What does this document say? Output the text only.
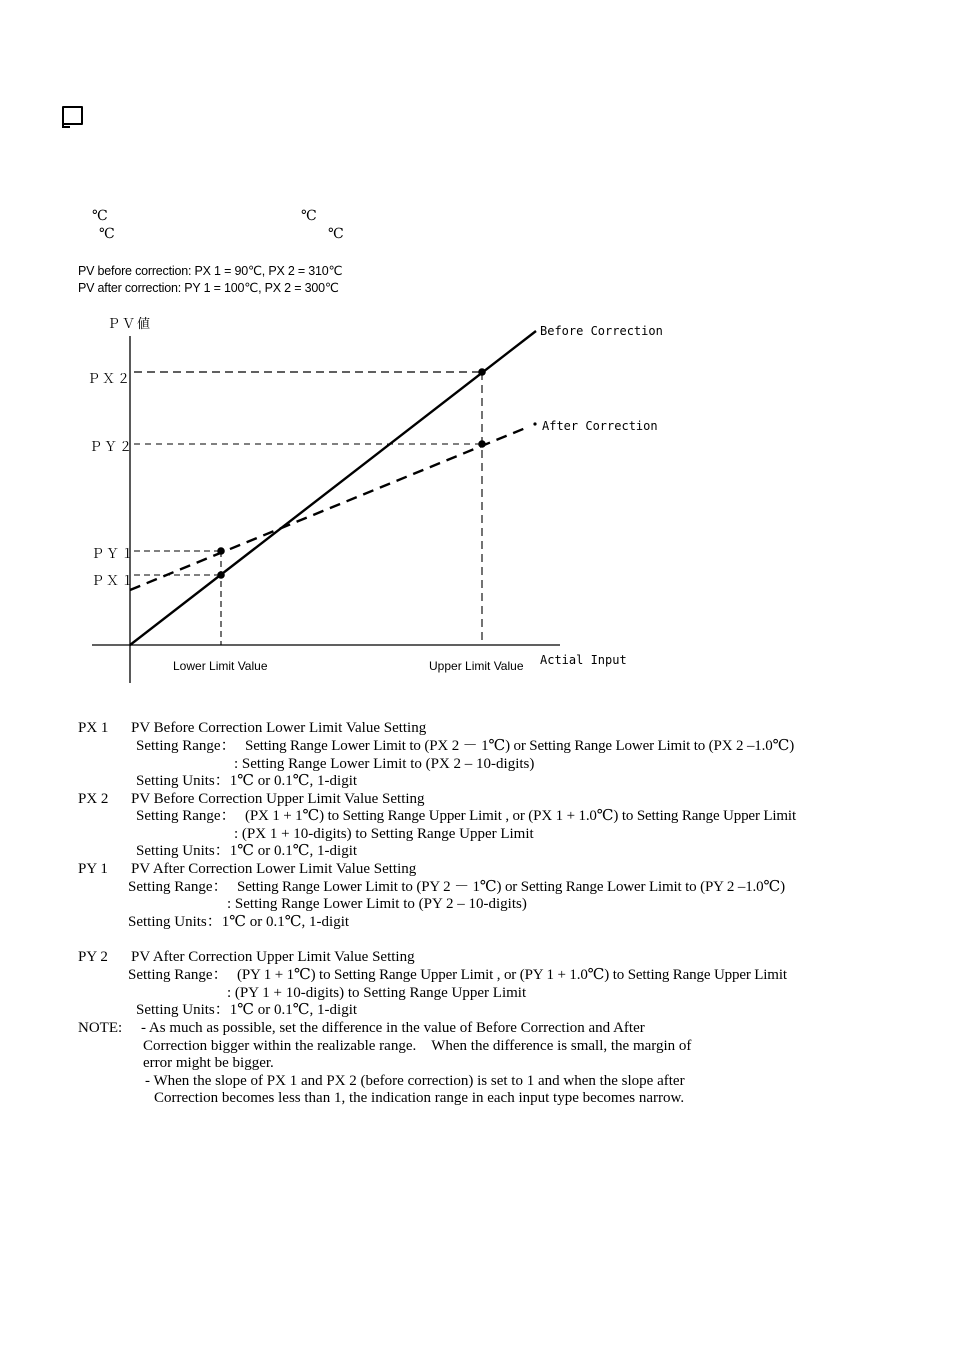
℃
℃
℃
℃
PV before correction: PX 1 = 90℃, PX 2 = 310℃
PV after correction: PY 1 = 100℃, PX 2 = 300℃
ＰＶ値
ＰＸ２
ＰＹ２
ＰＹ１
ＰＸ１
Before Correction
After Correction
Actial Input
Lower Limit Value	Upper Limit Value
PX 1 PV Before Correction Lower Limit Value Setting
Setting Range： Setting Range Lower Limit to (PX 2 － 1℃) or Setting Range Lower Limit to (PX 2 –1.0℃)
: Setting Range Lower Limit to (PX 2 – 10-digits)
Setting Units：1℃ or 0.1℃, 1-digit
PX 2 PV Before Correction Upper Limit Value Setting
Setting Range： (PX 1 + 1℃) to Setting Range Upper Limit , or (PX 1 + 1.0℃) to Setting Range Upper Limit
: (PX 1 + 10-digits) to Setting Range Upper Limit
Setting Units：1℃ or 0.1℃, 1-digit
PY 1 PV After Correction Lower Limit Value Setting
Setting Range： Setting Range Lower Limit to (PY 2 － 1℃) or Setting Range Lower Limit to (PY 2 –1.0℃)
: Setting Range Lower Limit to (PY 2 – 10-digits)
Setting Units：1℃ or 0.1℃, 1-digit
PY 2 PV After Correction Upper Limit Value Setting
Setting Range： (PY 1 + 1℃) to Setting Range Upper Limit , or (PY 1 + 1.0℃) to Setting Range Upper Limit
: (PY 1 + 10-digits) to Setting Range Upper Limit
Setting Units：1℃ or 0.1℃, 1-digit
NOTE: - As much as possible, set the difference in the value of Before Correction and After
Correction bigger within the realizable range.　When the difference is small, the margin of
error might be bigger.
- When the slope of PX 1 and PX 2 (before correction) is set to 1 and when the slope after
Correction becomes less than 1, the indication range in each input type becomes narrow.
